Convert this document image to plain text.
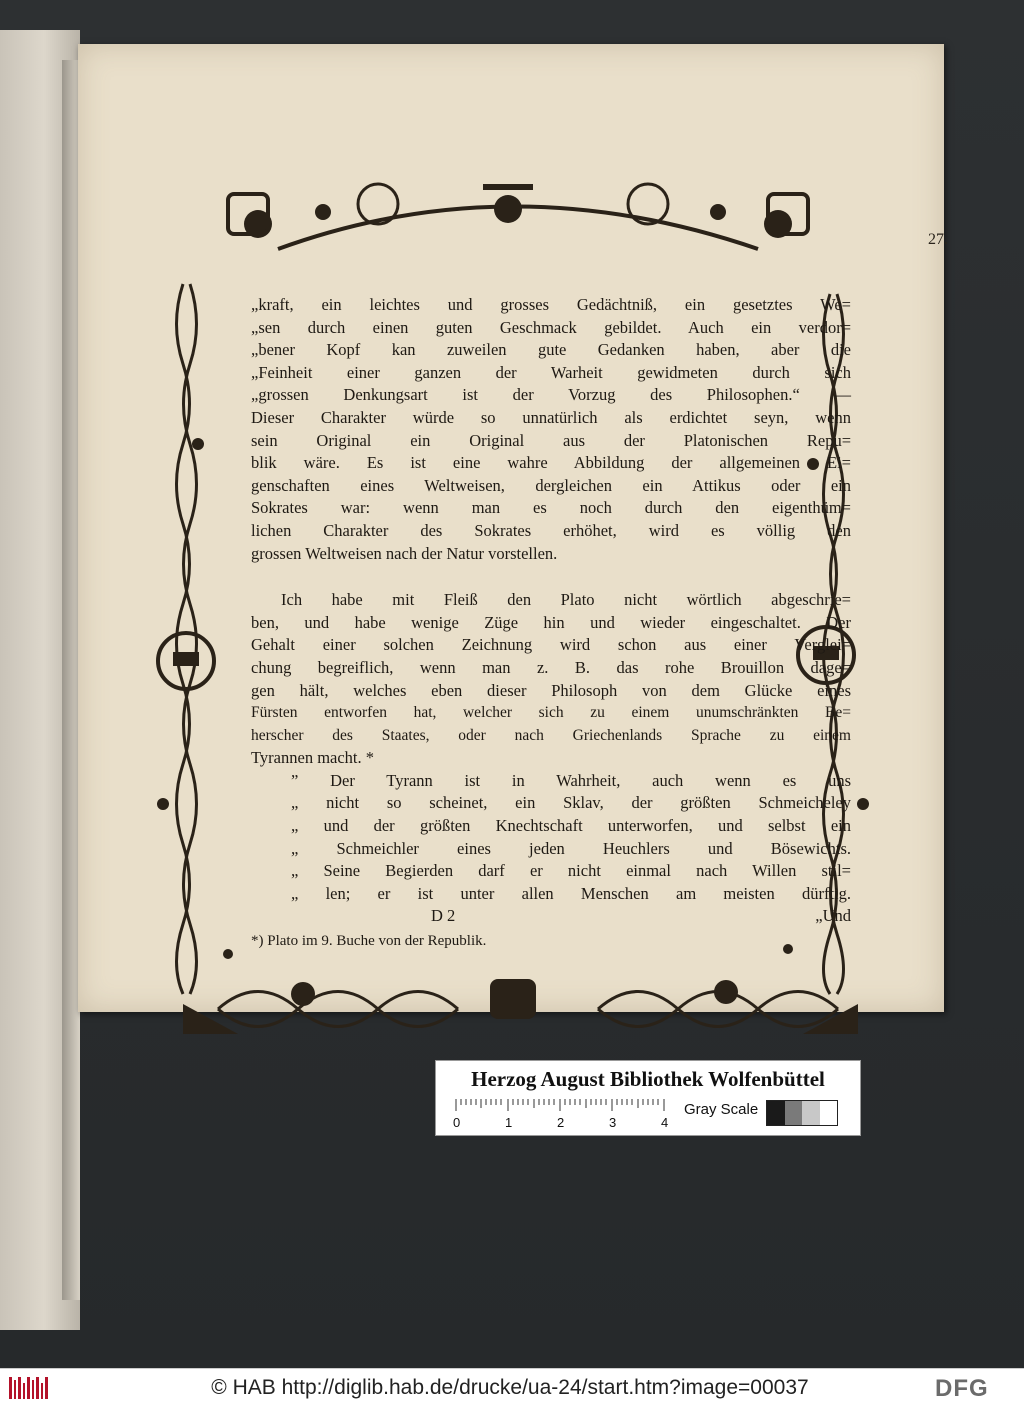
27.
„kraft, ein leichtes und grosses Gedächtniß, ein gesetztes We=
„sen durch einen guten Geschmack gebildet. Auch ein verdor=
„bener Kopf kan zuweilen gute Gedanken haben, aber die
„Feinheit einer ganzen der Warheit gewidmeten durch sich
„grossen Denkungsart ist der Vorzug des Philosophen.“ —
Dieser Charakter würde so unnatürlich als erdichtet seyn, wenn
sein Original ein Original aus der Platonischen Repu=
blik wäre. Es ist eine wahre Abbildung der allgemeinen Ei=
genschaften eines Weltweisen, dergleichen ein Attikus oder ein
Sokrates war: wenn man es noch durch den eigenthüm=
lichen Charakter des Sokrates erhöhet, wird es völlig den
grossen Weltweisen nach der Natur vorstellen.
Ich habe mit Fleiß den Plato nicht wörtlich abgeschrie=
ben, und habe wenige Züge hin und wieder eingeschaltet. Der
Gehalt einer solchen Zeichnung wird schon aus einer Verglei=
chung begreiflich, wenn man z. B. das rohe Brouillon dage=
gen hält, welches eben dieser Philosoph von dem Glücke eines
Fürsten entworfen hat, welcher sich zu einem unumschränkten Be=
herscher des Staates, oder nach Griechenlands Sprache zu einem
Tyrannen macht. *
” Der Tyrann ist in Wahrheit, auch wenn es uns
„ nicht so scheinet, ein Sklav, der größten Schmeicheley
„ und der größten Knechtschaft unterworfen, und selbst ein
„ Schmeichler eines jeden Heuchlers und Bösewichts.
„ Seine Begierden darf er nicht einmal nach Willen stil=
„ len; er ist unter allen Menschen am meisten dürftig.
D 2	„Und
*) Plato im 9. Buche von der Republik.
Herzog August Bibliothek Wolfenbüttel
0	1	2	3	4
Gray Scale
© HAB http://diglib.hab.de/drucke/ua-24/start.htm?image=00037	DFG
